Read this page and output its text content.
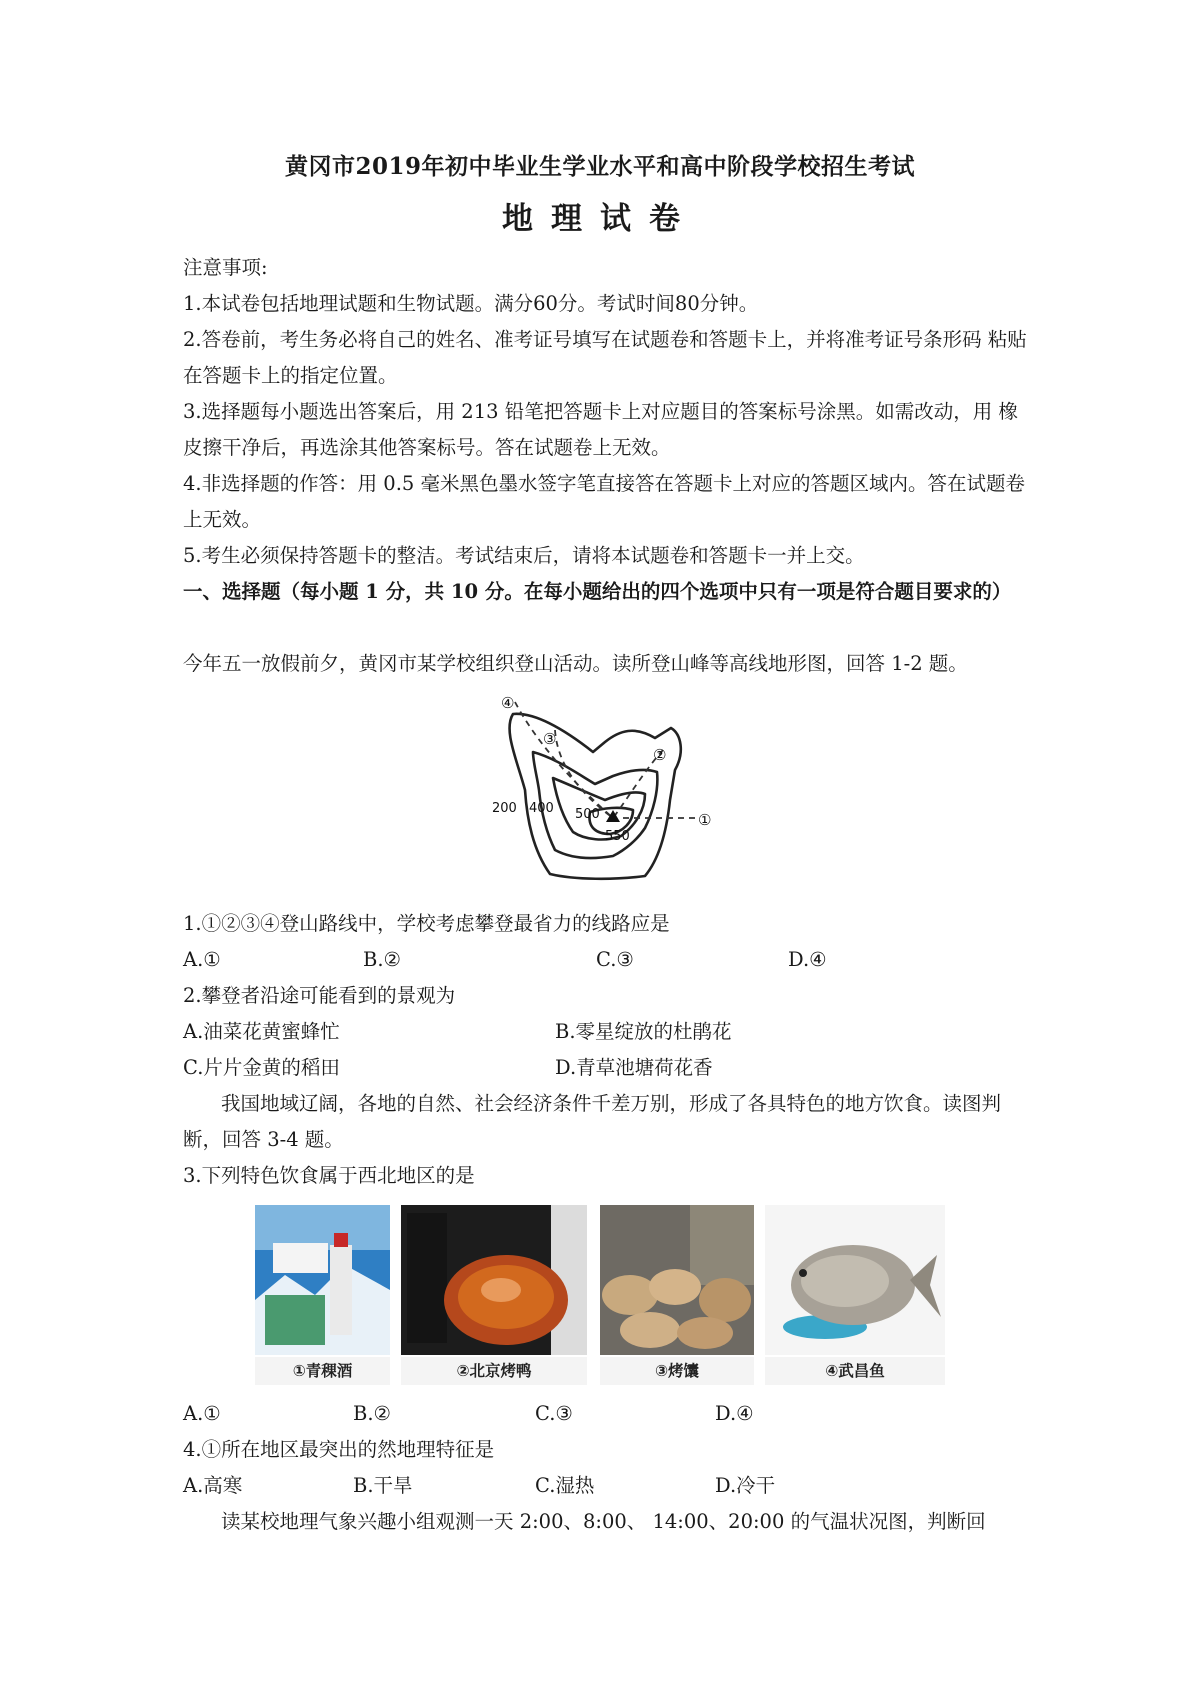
黄冈市2019年初中毕业生学业水平和高中阶段学校招生考试
地理试卷
注意事项:
1.本试卷包括地理试题和生物试题。满分60分。考试时间80分钟。
2.答卷前，考生务必将自己的姓名、准考证号填写在试题卷和答题卡上，并将准考证号条形码 粘贴在答题卡上的指定位置。
3.选择题每小题选出答案后，用 213 铅笔把答题卡上对应题目的答案标号涂黑。如需改动，用 橡皮擦干净后，再选涂其他答案标号。答在试题卷上无效。
4.非选择题的作答：用 0.5 毫米黑色墨水签字笔直接答在答题卡上对应的答题区域内。答在试题卷上无效。
5.考生必须保持答题卡的整洁。考试结束后，请将本试题卷和答题卡一并上交。
一、选择题（每小题 1 分，共 10 分。在每小题给出的四个选项中只有一项是符合题目要求的）
今年五一放假前夕，黄冈市某学校组织登山活动。读所登山峰等高线地形图，回答 1-2 题。
④
③
②
①
200 400 500
550
1.①②③④登山路线中，学校考虑攀登最省力的线路应是
A.①	B.②	C.③	D.④
2.攀登者沿途可能看到的景观为
A.油菜花黄蜜蜂忙	B.零星绽放的杜鹃花
C.片片金黄的稻田	D.青草池塘荷花香
我国地域辽阔，各地的自然、社会经济条件千差万别，形成了各具特色的地方饮食。读图判断，回答 3-4 题。
3.下列特色饮食属于西北地区的是
①青稞酒	②北京烤鸭	③烤馕	④武昌鱼
A.①	B.②	C.③	D.④
4.①所在地区最突出的然地理特征是
A.高寒	B.干旱	C.湿热	D.冷干
读某校地理气象兴趣小组观测一天 2:00、8:00、 14:00、20:00 的气温状况图，判断回
